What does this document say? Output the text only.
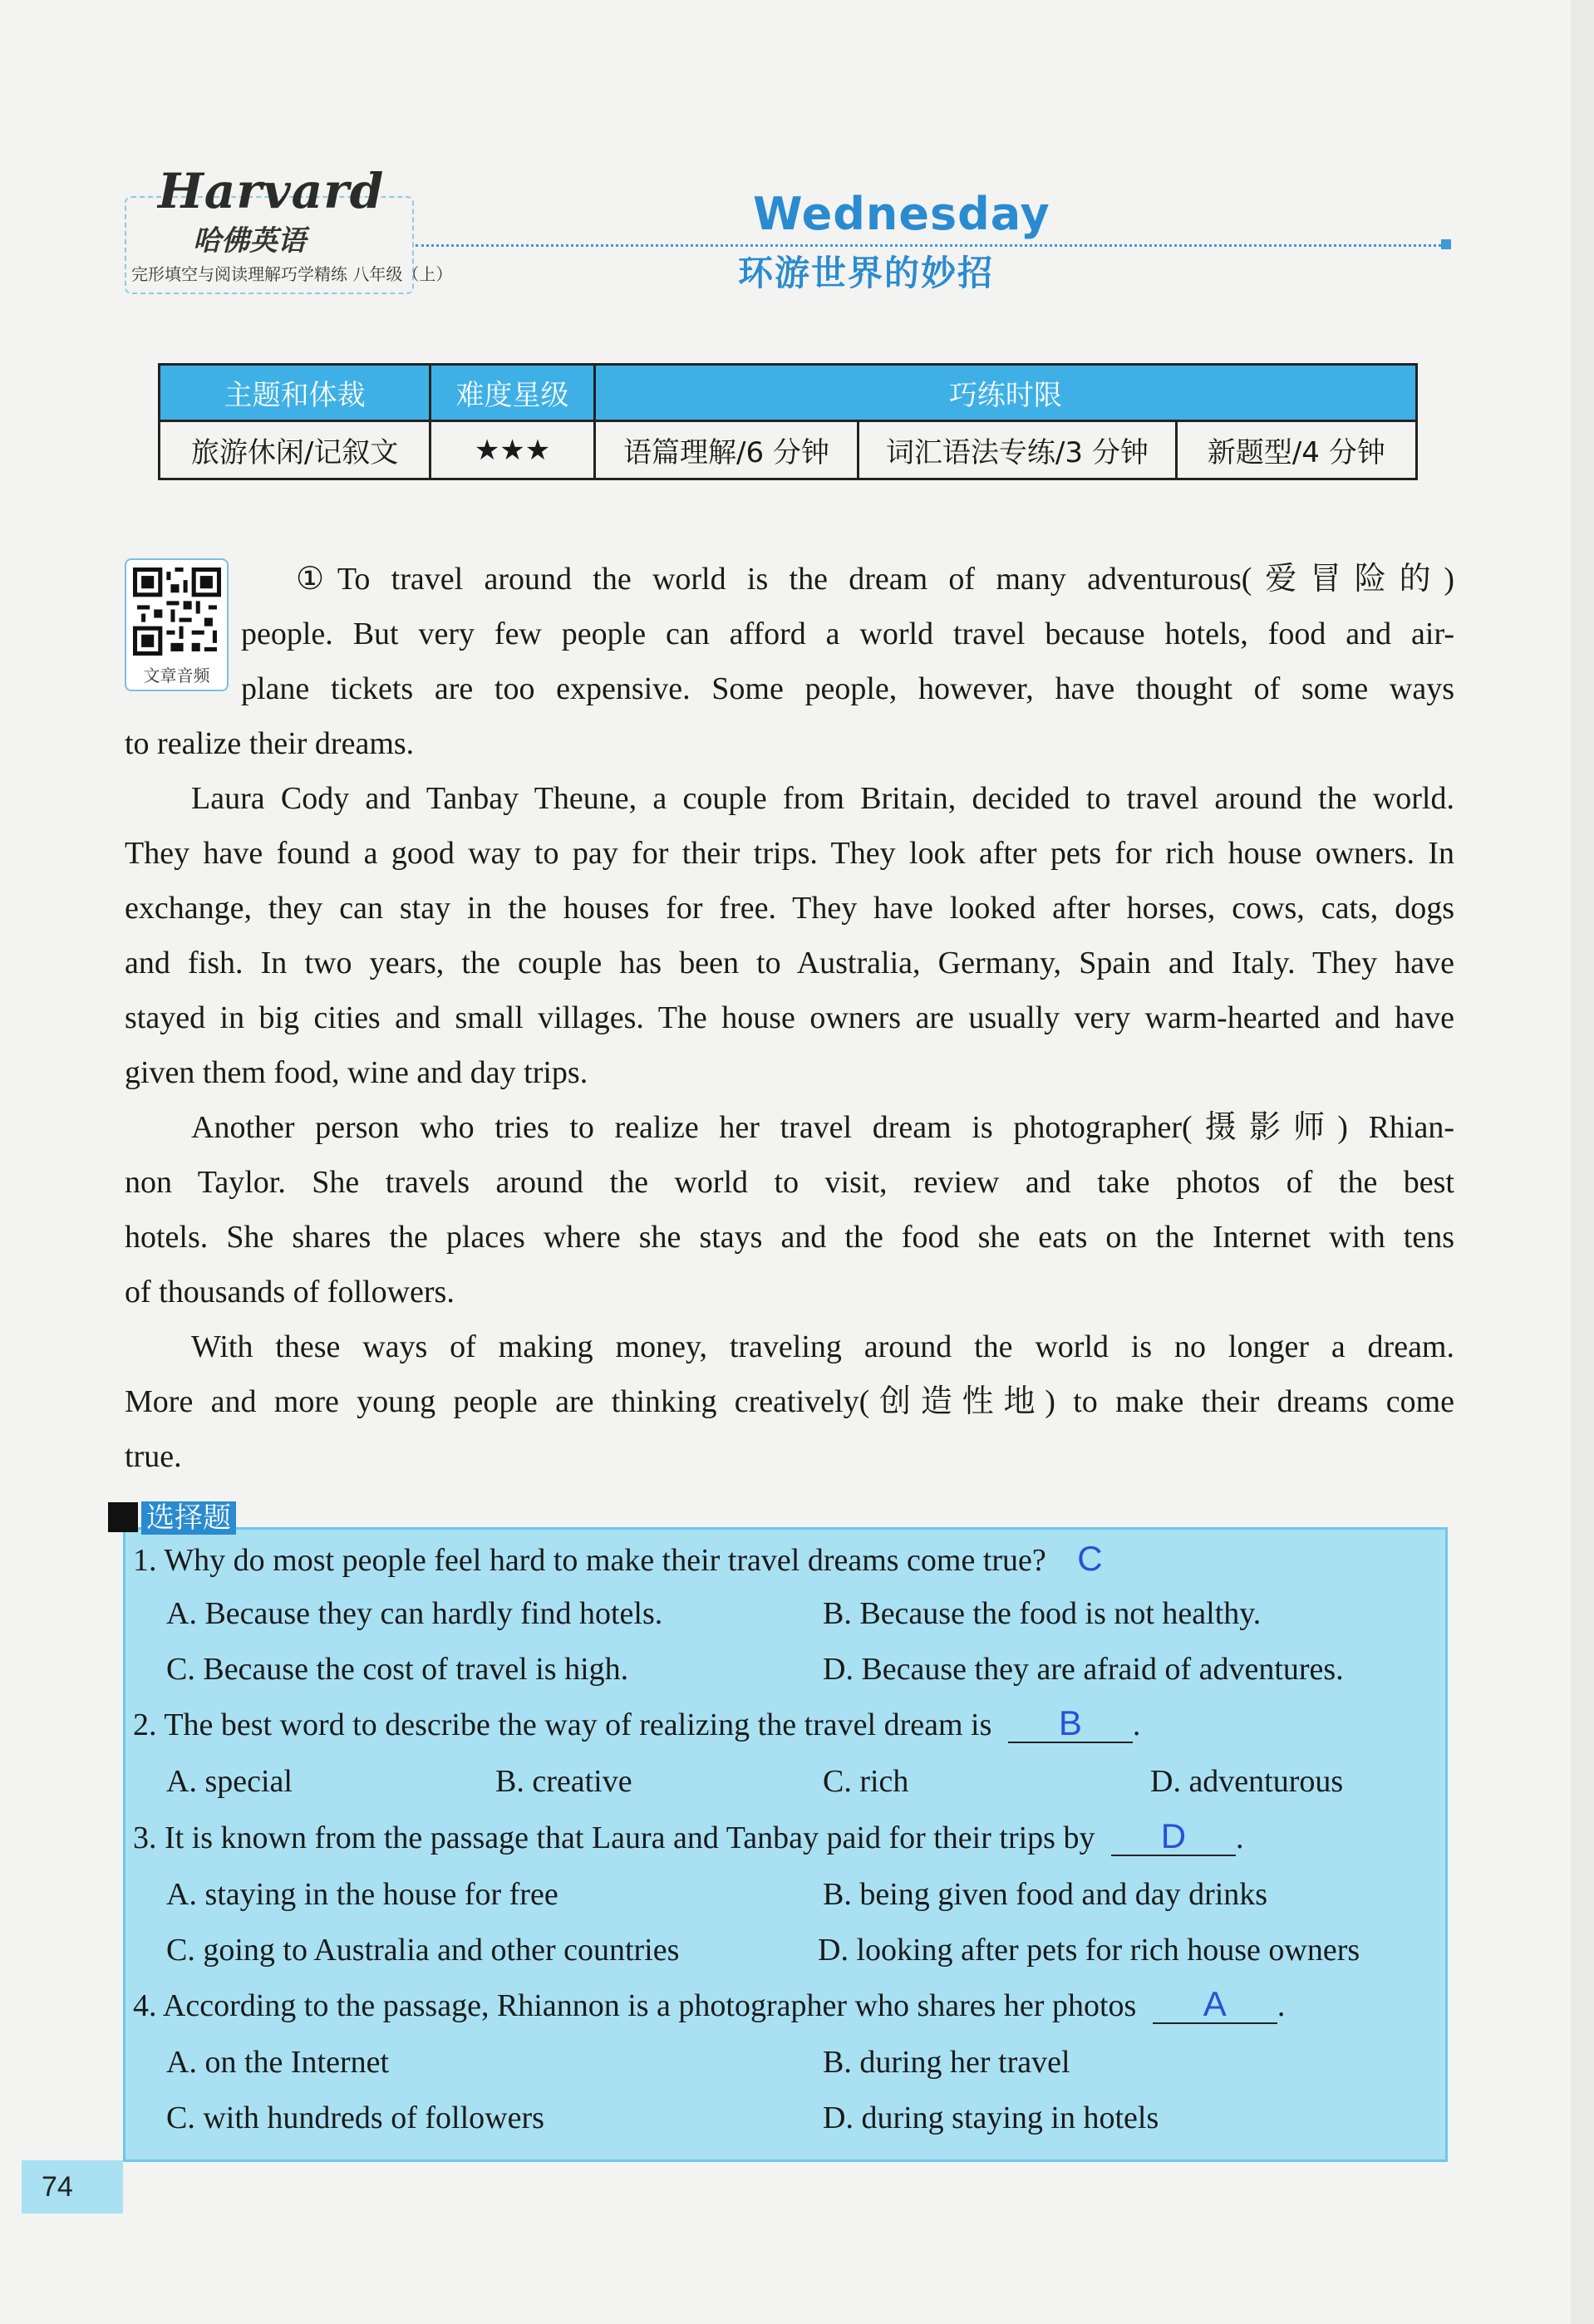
Harvard
哈佛英语
完形填空与阅读理解巧学精练 八年级（上）
Wednesday
环游世界的妙招
主题和体裁	难度星级	巧练时限		
旅游休闲/记叙文	★★★	语篇理解/6 分钟	词汇语法专练/3 分钟	新题型/4 分钟
文章音频
①To travel around the world is the dream of many adventurous(爱冒险的)
people. But very few people can afford a world travel because hotels, food and air-
plane tickets are too expensive. Some people, however, have thought of some ways
to realize their dreams.
Laura Cody and Tanbay Theune, a couple from Britain, decided to travel around the world.
They have found a good way to pay for their trips. They look after pets for rich house owners. In
exchange, they can stay in the houses for free. They have looked after horses, cows, cats, dogs
and fish. In two years, the couple has been to Australia, Germany, Spain and Italy. They have
stayed in big cities and small villages. The house owners are usually very warm-hearted and have
given them food, wine and day trips.
Another person who tries to realize her travel dream is photographer(摄影师) Rhian-
non Taylor. She travels around the world to visit, review and take photos of the best
hotels. She shares the places where she stays and the food she eats on the Internet with tens
of thousands of followers.
With these ways of making money, traveling around the world is no longer a dream.
More and more young people are thinking creatively(创造性地) to make their dreams come
true.
选择题
1. Why do most people feel hard to make their travel dreams come true? C
A. Because they can hardly find hotels.	B. Because the food is not healthy.
C. Because the cost of travel is high.	D. Because they are afraid of adventures.
2. The best word to describe the way of realizing the travel dream is B .
A. special	B. creative	C. rich	D. adventurous
3. It is known from the passage that Laura and Tanbay paid for their trips by D .
A. staying in the house for free	B. being given food and day drinks
C. going to Australia and other countries	D. looking after pets for rich house owners
4. According to the passage, Rhiannon is a photographer who shares her photos A .
A. on the Internet	B. during her travel
C. with hundreds of followers	D. during staying in hotels
74
